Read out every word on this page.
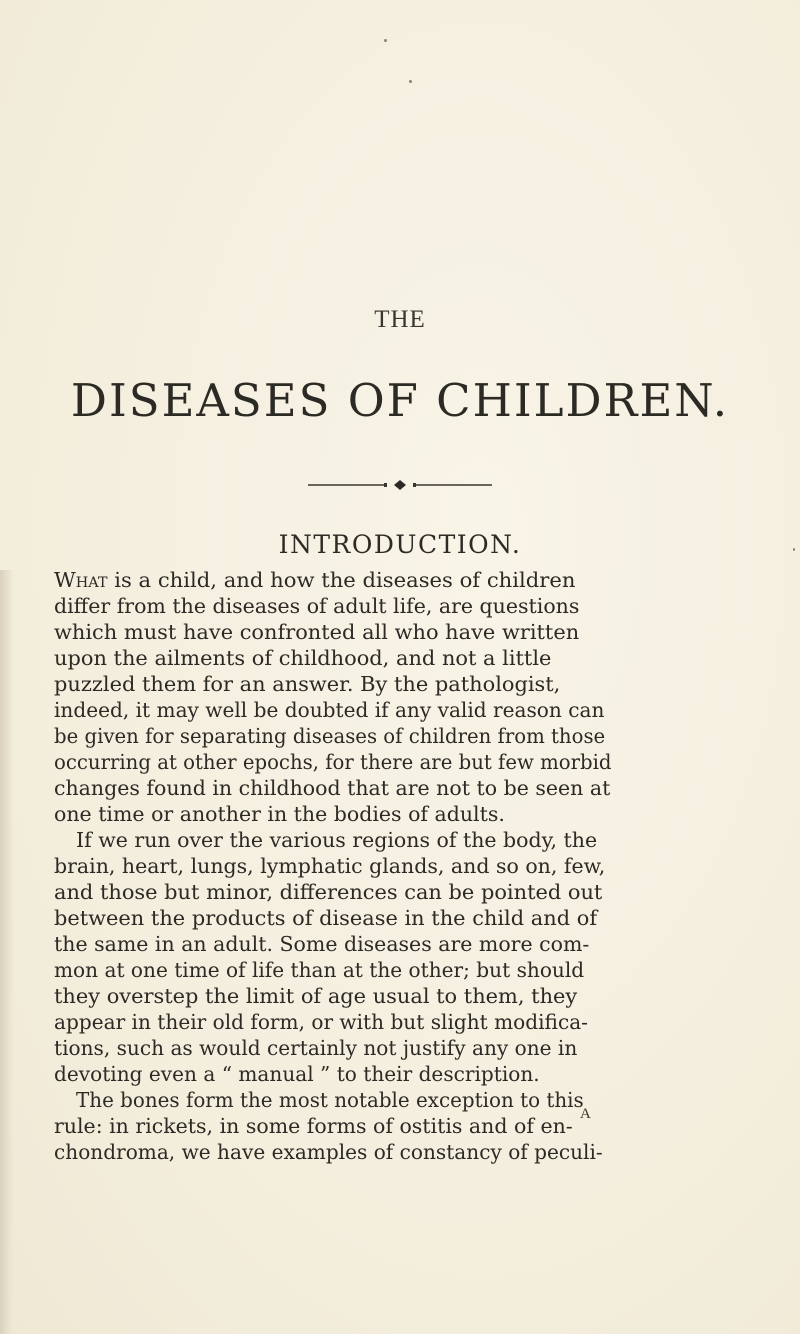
THE
DISEASES OF CHILDREN.
INTRODUCTION.
What is a child, and how the diseases of children
differ from the diseases of adult life, are questions
which must have confronted all who have written
upon the ailments of childhood, and not a little
puzzled them for an answer. By the pathologist,
indeed, it may well be doubted if any valid reason can
be given for separating diseases of children from those
occurring at other epochs, for there are but few morbid
changes found in childhood that are not to be seen at
one time or another in the bodies of adults.
If we run over the various regions of the body, the
brain, heart, lungs, lymphatic glands, and so on, few,
and those but minor, differences can be pointed out
between the products of disease in the child and of
the same in an adult. Some diseases are more com-
mon at one time of life than at the other; but should
they overstep the limit of age usual to them, they
appear in their old form, or with but slight modifica-
tions, such as would certainly not justify any one in
devoting even a “ manual ” to their description.
The bones form the most notable exception to this
rule: in rickets, in some forms of ostitis and of en-
chondroma, we have examples of constancy of peculi-
A
